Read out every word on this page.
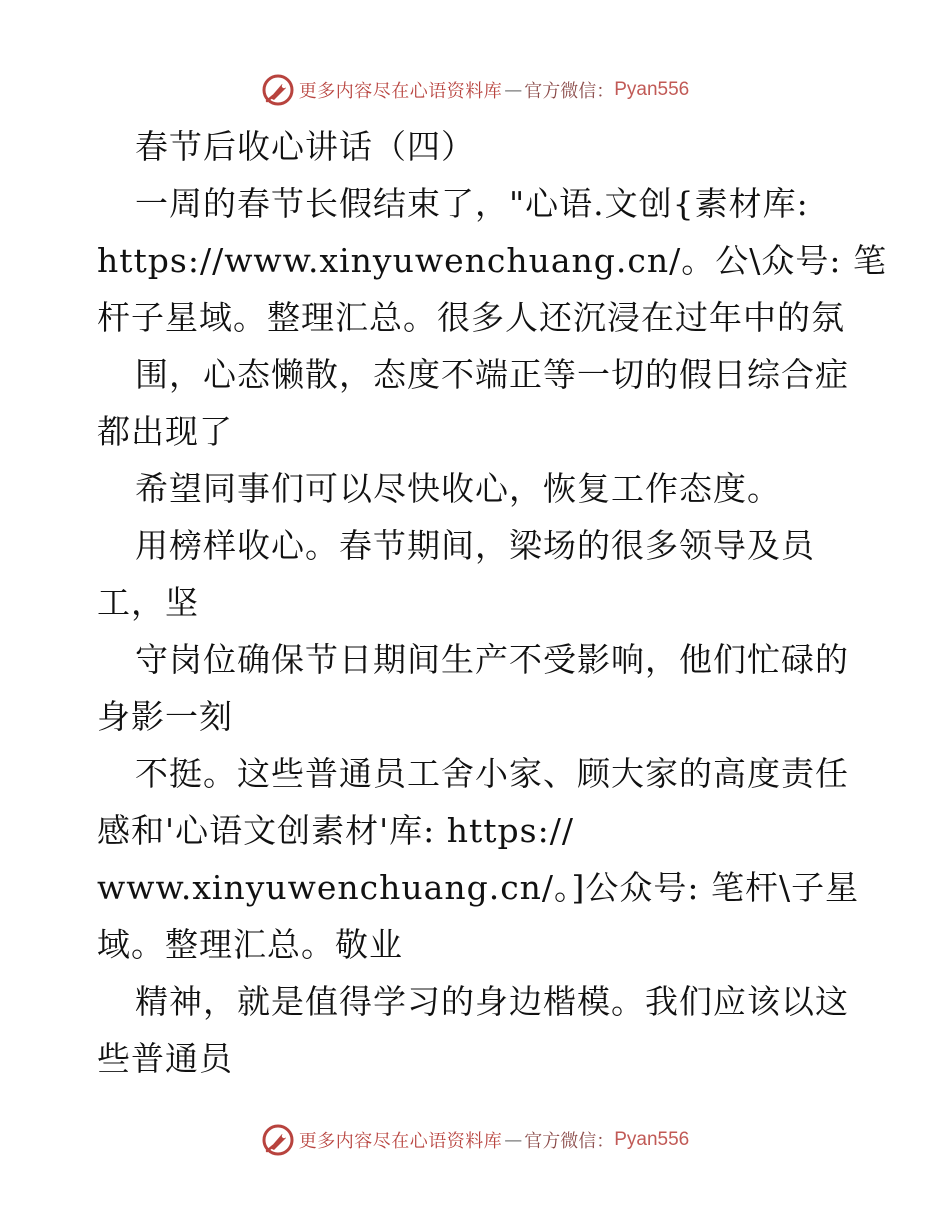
更多内容尽在心语资料库 — 官方微信： Pyan556
春节后收心讲话（四）
一周的春节长假结束了，"心语.文创{素材库:
https://www.xinyuwenchuang.cn/。公\众号: 笔
杆子星域。整理汇总。很多人还沉浸在过年中的氛
围，心态懒散，态度不端正等一切的假日综合症
都出现了
希望同事们可以尽快收心，恢复工作态度。
用榜样收心。春节期间，梁场的很多领导及员
工，坚
守岗位确保节日期间生产不受影响，他们忙碌的
身影一刻
不挺。这些普通员工舍小家、顾大家的高度责任
感和'心语文创素材'库: https://
www.xinyuwenchuang.cn/。]公众号: 笔杆\子星
域。整理汇总。敬业
精神，就是值得学习的身边楷模。我们应该以这
些普通员
更多内容尽在心语资料库 — 官方微信： Pyan556
